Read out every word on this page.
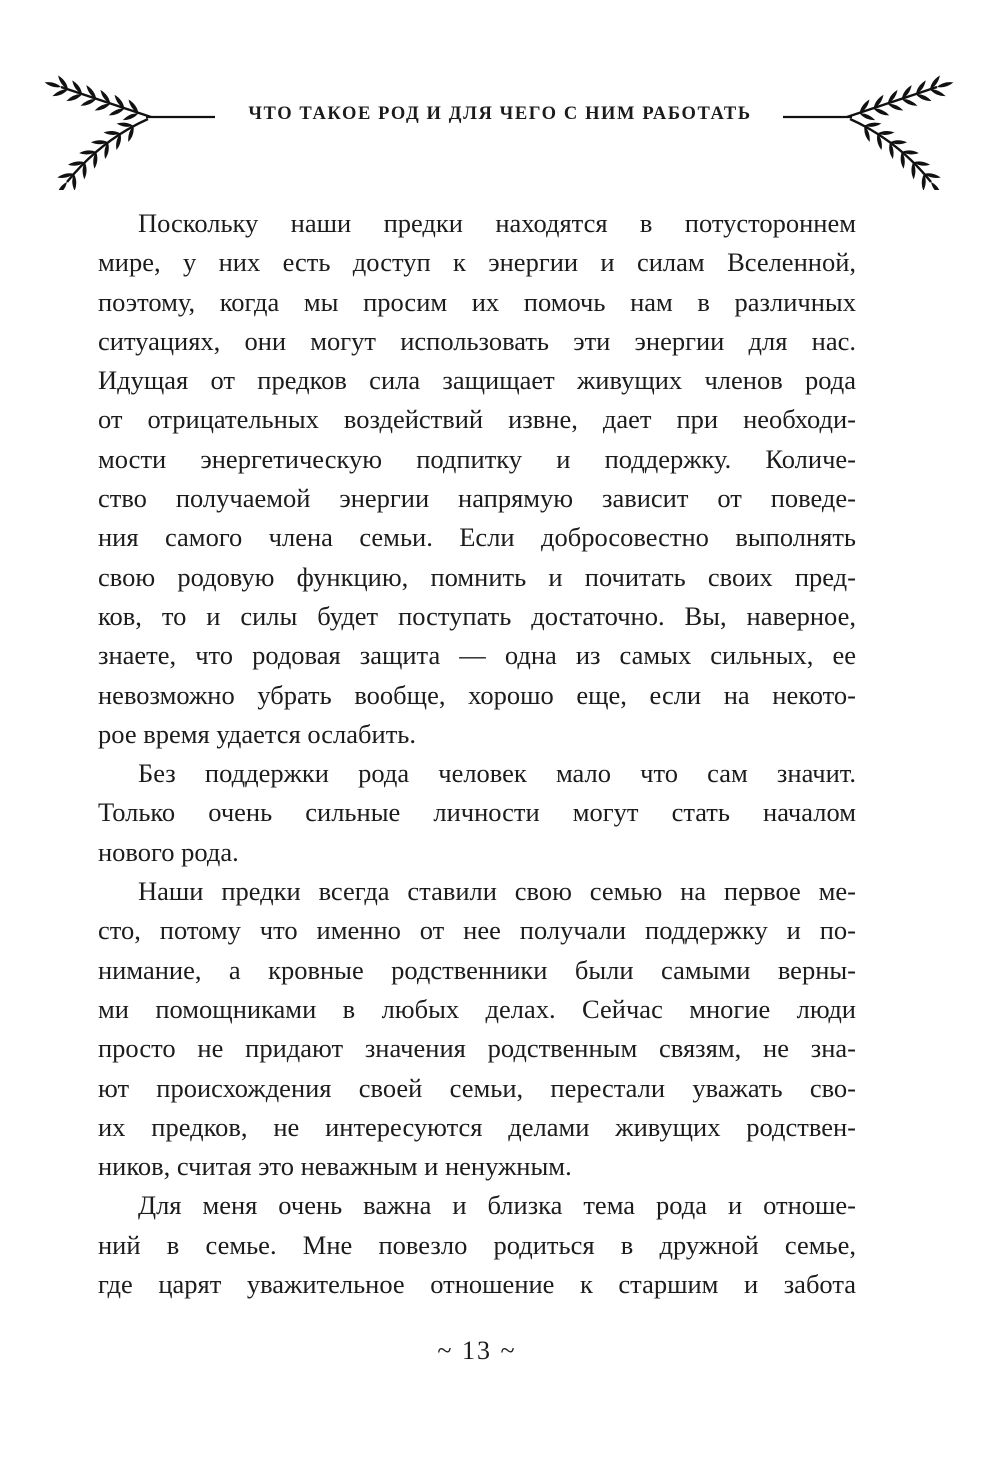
ЧТО ТАКОЕ РОД И ДЛЯ ЧЕГО С НИМ РАБОТАТЬ
Поскольку наши предки находятся в потустороннем
мире, у них есть доступ к энергии и силам Вселенной,
поэтому, когда мы просим их помочь нам в различных
ситуациях, они могут использовать эти энергии для нас.
Идущая от предков сила защищает живущих членов рода
от отрицательных воздействий извне, дает при необходи-
мости энергетическую подпитку и поддержку. Количе-
ство получаемой энергии напрямую зависит от поведе-
ния самого члена семьи. Если добросовестно выполнять
свою родовую функцию, помнить и почитать своих пред-
ков, то и силы будет поступать достаточно. Вы, наверное,
знаете, что родовая защита — одна из самых сильных, ее
невозможно убрать вообще, хорошо еще, если на некото-
рое время удается ослабить.
Без поддержки рода человек мало что сам значит.
Только очень сильные личности могут стать началом
нового рода.
Наши предки всегда ставили свою семью на первое ме-
сто, потому что именно от нее получали поддержку и по-
нимание, а кровные родственники были самыми верны-
ми помощниками в любых делах. Сейчас многие люди
просто не придают значения родственным связям, не зна-
ют происхождения своей семьи, перестали уважать сво-
их предков, не интересуются делами живущих родствен-
ников, считая это неважным и ненужным.
Для меня очень важна и близка тема рода и отноше-
ний в семье. Мне повезло родиться в дружной семье,
где царят уважительное отношение к старшим и забота
~ 13 ~
